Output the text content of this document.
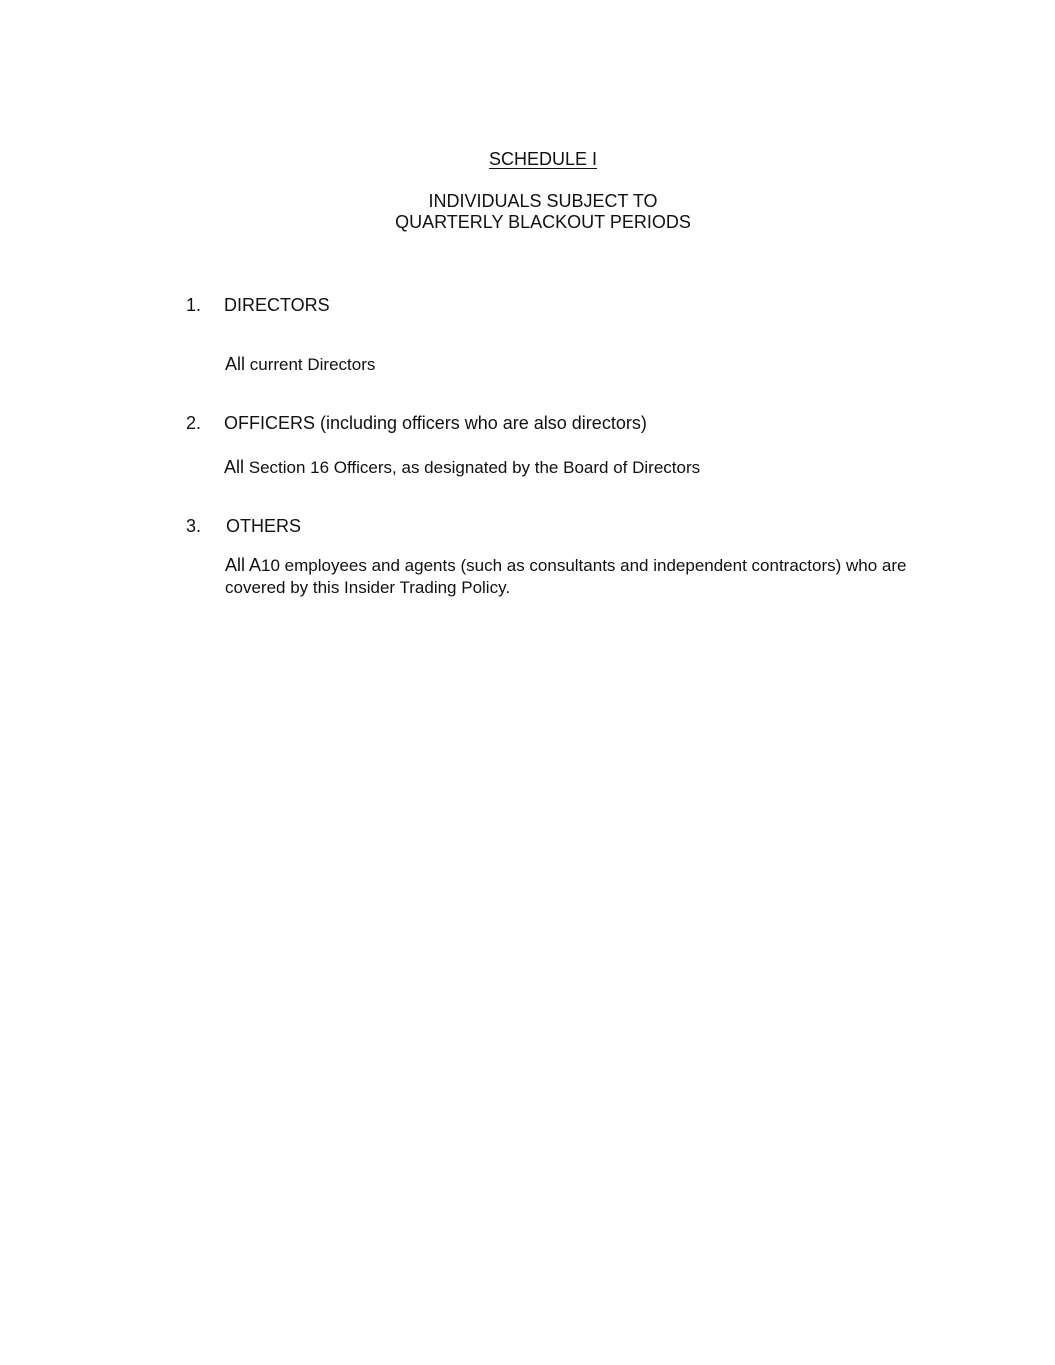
SCHEDULE I
INDIVIDUALS SUBJECT TO
QUARTERLY BLACKOUT PERIODS
1. DIRECTORS
All current Directors
2. OFFICERS (including officers who are also directors)
All Section 16 Officers, as designated by the Board of Directors
3. OTHERS
All A10 employees and agents (such as consultants and independent contractors) who are covered by this Insider Trading Policy.
